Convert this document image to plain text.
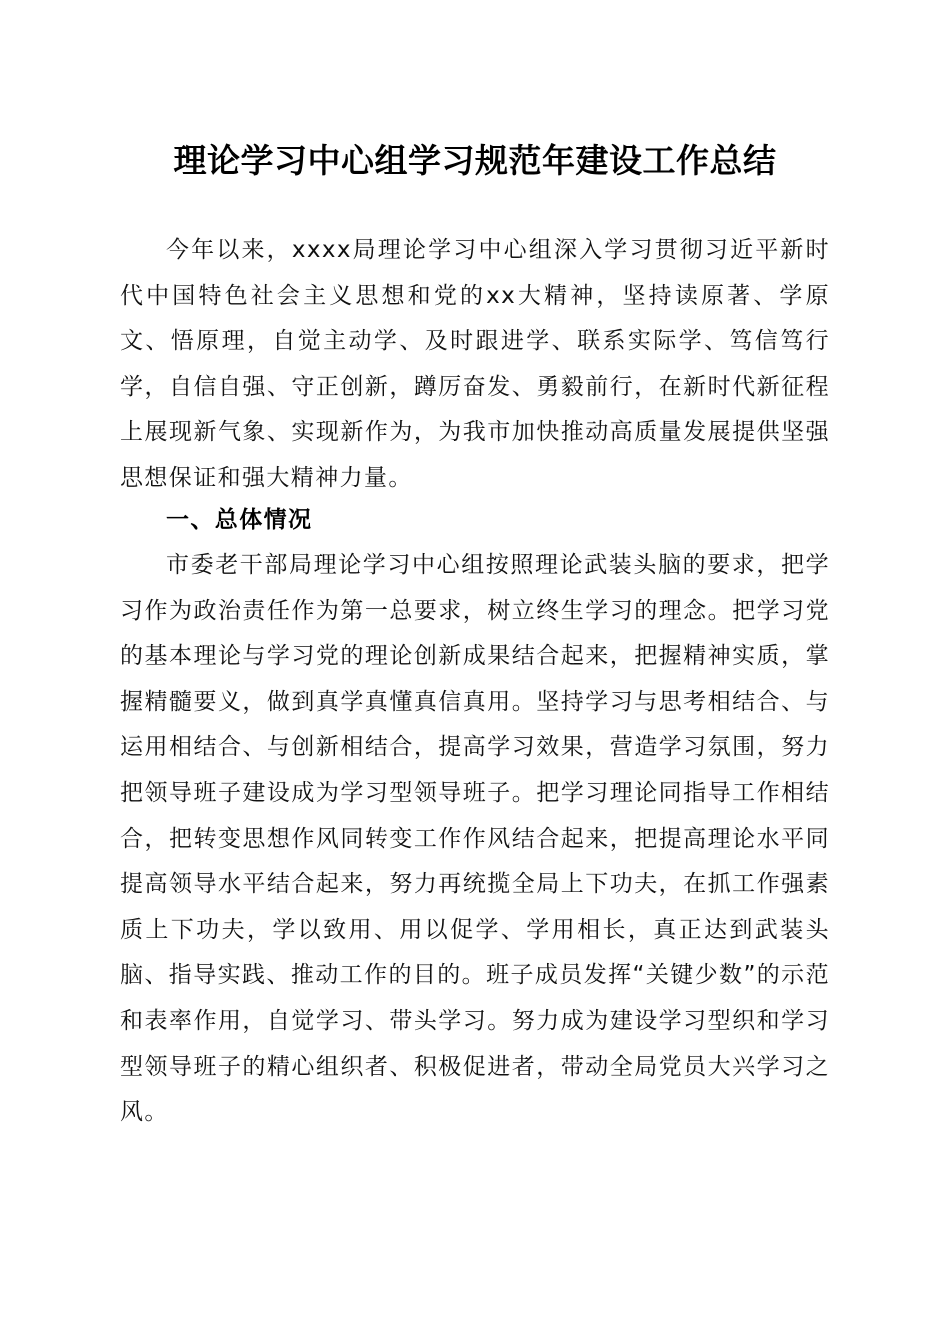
理论学习中心组学习规范年建设工作总结

今年以来，xxxx局理论学习中心组深入学习贯彻习近平新时代中国特色社会主义思想和党的xx大精神，坚持读原著、学原文、悟原理，自觉主动学、及时跟进学、联系实际学、笃信笃行学，自信自强、守正创新，蹲厉奋发、勇毅前行，在新时代新征程上展现新气象、实现新作为，为我市加快推动高质量发展提供坚强思想保证和强大精神力量。

一、总体情况

市委老干部局理论学习中心组按照理论武装头脑的要求，把学习作为政治责任作为第一总要求，树立终生学习的理念。把学习党的基本理论与学习党的理论创新成果结合起来，把握精神实质，掌握精髓要义，做到真学真懂真信真用。坚持学习与思考相结合、与运用相结合、与创新相结合，提高学习效果，营造学习氛围，努力把领导班子建设成为学习型领导班子。把学习理论同指导工作相结合，把转变思想作风同转变工作作风结合起来，把提高理论水平同提高领导水平结合起来，努力再统揽全局上下功夫，在抓工作强素质上下功夫，学以致用、用以促学、学用相长，真正达到武装头脑、指导实践、推动工作的目的。班子成员发挥“关键少数”的示范和表率作用，自觉学习、带头学习。努力成为建设学习型织和学习型领导班子的精心组织者、积极促进者，带动全局党员大兴学习之风。
